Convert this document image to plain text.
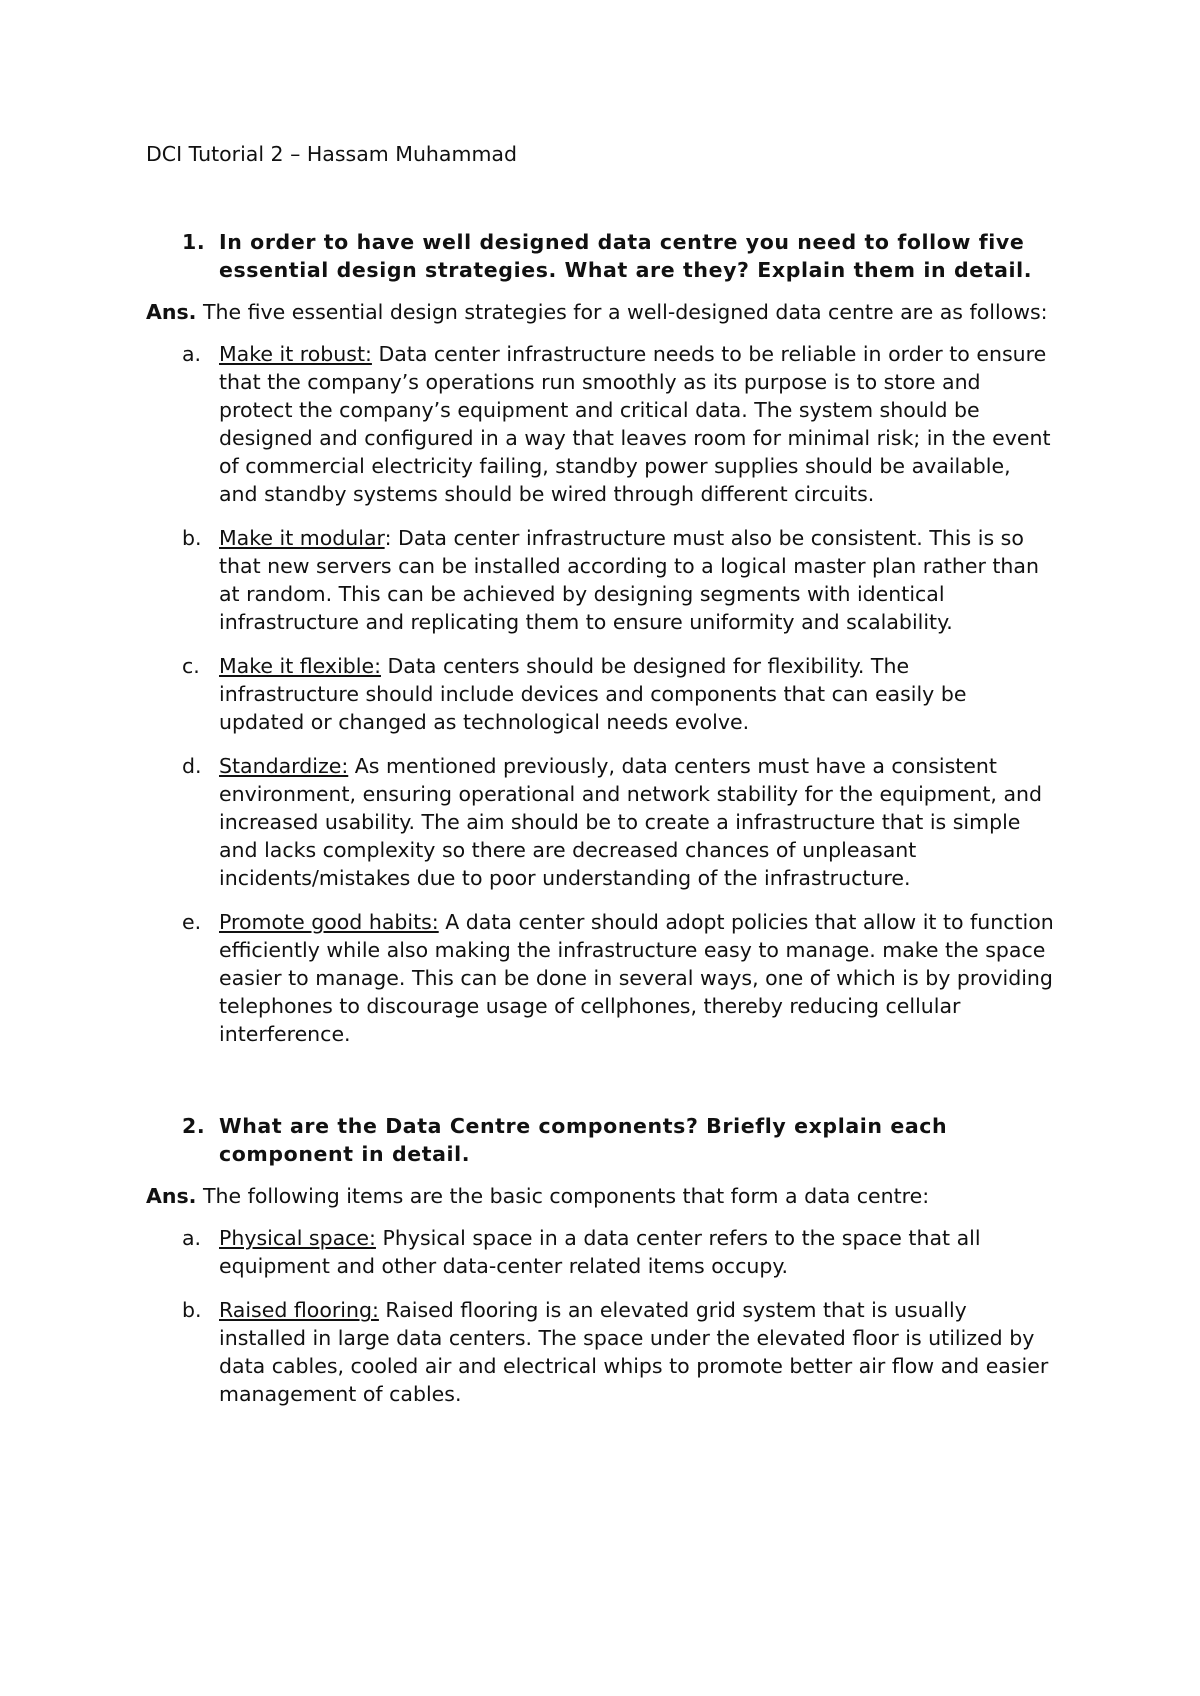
DCI Tutorial 2 – Hassam Muhammad
1. In order to have well designed data centre you need to follow five essential design strategies. What are they? Explain them in detail.
Ans. The five essential design strategies for a well-designed data centre are as follows:
a. Make it robust: Data center infrastructure needs to be reliable in order to ensure that the company’s operations run smoothly as its purpose is to store and protect the company’s equipment and critical data. The system should be designed and configured in a way that leaves room for minimal risk; in the event of commercial electricity failing, standby power supplies should be available, and standby systems should be wired through different circuits.
b. Make it modular: Data center infrastructure must also be consistent. This is so that new servers can be installed according to a logical master plan rather than at random. This can be achieved by designing segments with identical infrastructure and replicating them to ensure uniformity and scalability.
c. Make it flexible: Data centers should be designed for flexibility. The infrastructure should include devices and components that can easily be updated or changed as technological needs evolve.
d. Standardize: As mentioned previously, data centers must have a consistent environment, ensuring operational and network stability for the equipment, and increased usability. The aim should be to create a infrastructure that is simple and lacks complexity so there are decreased chances of unpleasant incidents/mistakes due to poor understanding of the infrastructure.
e. Promote good habits: A data center should adopt policies that allow it to function efficiently while also making the infrastructure easy to manage. make the space easier to manage. This can be done in several ways, one of which is by providing telephones to discourage usage of cellphones, thereby reducing cellular interference.
2. What are the Data Centre components? Briefly explain each component in detail.
Ans. The following items are the basic components that form a data centre:
a. Physical space: Physical space in a data center refers to the space that all equipment and other data-center related items occupy.
b. Raised flooring: Raised flooring is an elevated grid system that is usually installed in large data centers. The space under the elevated floor is utilized by data cables, cooled air and electrical whips to promote better air flow and easier management of cables.
